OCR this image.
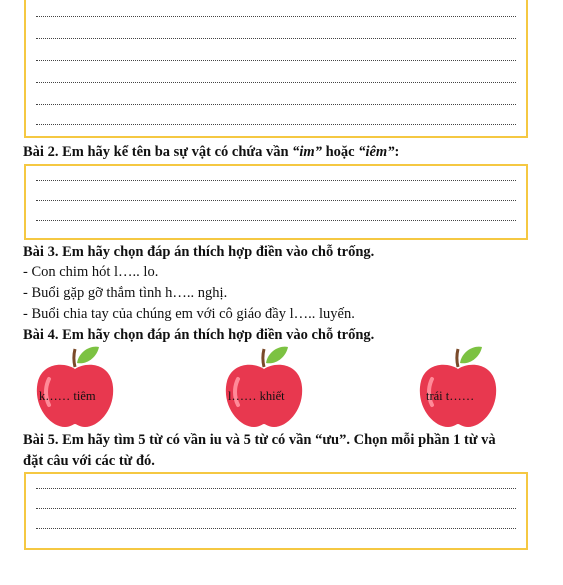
Bài 2. Em hãy kể tên ba sự vật có chứa vần “im” hoặc “iêm”:
Bài 3. Em hãy chọn đáp án thích hợp điền vào chỗ trống.
- Con chim hót l….. lo.
- Buổi gặp gỡ thắm tình h….. nghị.
- Buổi chia tay của chúng em với cô giáo đầy l….. luyến.
Bài 4. Em hãy chọn đáp án thích hợp điền vào chỗ trống.
k…… tiêm	l…… khiết	trái t……
Bài 5. Em hãy tìm 5 từ có vần iu và 5 từ có vần “ưu”. Chọn mỗi phần 1 từ và
đặt câu với các từ đó.
